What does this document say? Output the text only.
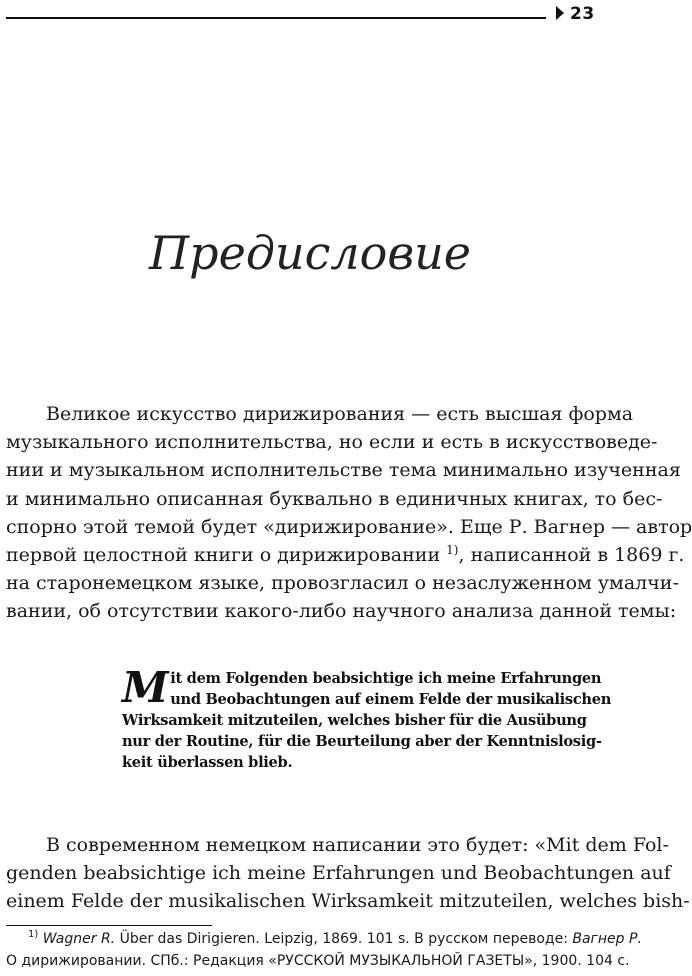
23
Предисловие
Великое искусство дирижирования — есть высшая форма
музыкального исполнительства, но если и есть в искусствоведе-
нии и музыкальном исполнительстве тема минимально изученная
и минимально описанная буквально в единичных книгах, то бес-
спорно этой темой будет «дирижирование». Еще Р. Вагнер — автор
первой целостной книги о дирижировании $^{1)}$, написанной в 1869 г.
на старонемецком языке, провозгласил о незаслуженном умалчи-
вании, об отсутствии какого-либо научного анализа данной темы:
M it dem Folgenden beabsichtige ich meine Erfahrungen
und Beobachtungen auf einem Felde der musikalischen
Wirksamkeit mitzuteilen, welches bisher für die Ausübung
nur der Routine, für die Beurteilung aber der Kenntnislosig-
keit überlassen blieb.
В современном немецком написании это будет: «Mit dem Fol-
genden beabsichtige ich meine Erfahrungen und Beobachtungen auf
einem Felde der musikalischen Wirksamkeit mitzuteilen, welches bish-
$^{1)}$ Wagner R. Über das Dirigieren. Leipzig, 1869. 101 s. В русском переводе: Вагнер Р.
О дирижировании. СПб.: Редакция «РУССКОЙ МУЗЫКАЛЬНОЙ ГАЗЕТЫ», 1900. 104 с.
